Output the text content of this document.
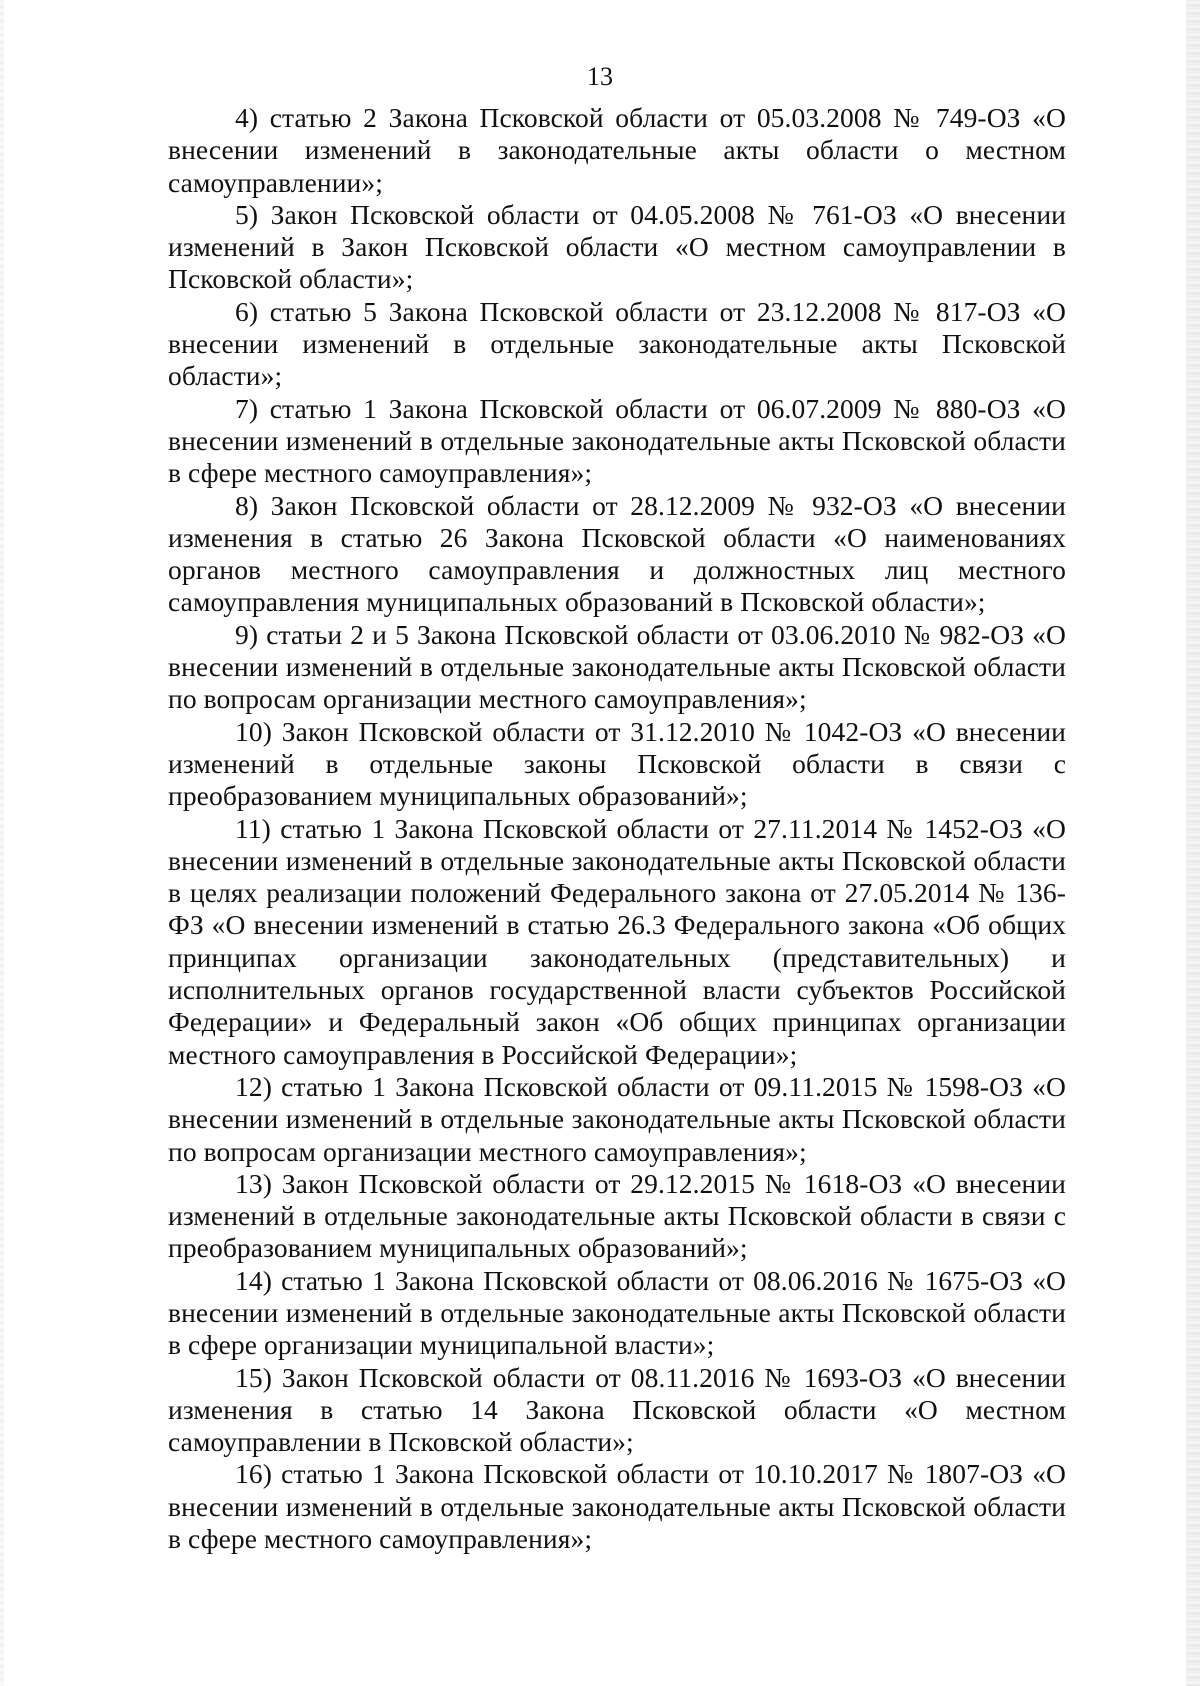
13

4) статью 2 Закона Псковской области от 05.03.2008 № 749-ОЗ «О внесении изменений в законодательные акты области о местном самоуправлении»;

5) Закон Псковской области от 04.05.2008 № 761-ОЗ «О внесении изменений в Закон Псковской области «О местном самоуправлении в Псковской области»;

6) статью 5 Закона Псковской области от 23.12.2008 № 817-ОЗ «О внесении изменений в отдельные законодательные акты Псковской области»;

7) статью 1 Закона Псковской области от 06.07.2009 № 880-ОЗ «О внесении изменений в отдельные законодательные акты Псковской области в сфере местного самоуправления»;

8) Закон Псковской области от 28.12.2009 № 932-ОЗ «О внесении изменения в статью 26 Закона Псковской области «О наименованиях органов местного самоуправления и должностных лиц местного самоуправления муниципальных образований в Псковской области»;

9) статьи 2 и 5 Закона Псковской области от 03.06.2010 № 982-ОЗ «О внесении изменений в отдельные законодательные акты Псковской области по вопросам организации местного самоуправления»;

10) Закон Псковской области от 31.12.2010 № 1042-ОЗ «О внесении изменений в отдельные законы Псковской области в связи с преобразованием муниципальных образований»;

11) статью 1 Закона Псковской области от 27.11.2014 № 1452-ОЗ «О внесении изменений в отдельные законодательные акты Псковской области в целях реализации положений Федерального закона от 27.05.2014 № 136-ФЗ «О внесении изменений в статью 26.3 Федерального закона «Об общих принципах организации законодательных (представительных) и исполнительных органов государственной власти субъектов Российской Федерации» и Федеральный закон «Об общих принципах организации местного самоуправления в Российской Федерации»;

12) статью 1 Закона Псковской области от 09.11.2015 № 1598-ОЗ «О внесении изменений в отдельные законодательные акты Псковской области по вопросам организации местного самоуправления»;

13) Закон Псковской области от 29.12.2015 № 1618-ОЗ «О внесении изменений в отдельные законодательные акты Псковской области в связи с преобразованием муниципальных образований»;

14) статью 1 Закона Псковской области от 08.06.2016 № 1675-ОЗ «О внесении изменений в отдельные законодательные акты Псковской области в сфере организации муниципальной власти»;

15) Закон Псковской области от 08.11.2016 № 1693-ОЗ «О внесении изменения в статью 14 Закона Псковской области «О местном самоуправлении в Псковской области»;

16) статью 1 Закона Псковской области от 10.10.2017 № 1807-ОЗ «О внесении изменений в отдельные законодательные акты Псковской области в сфере местного самоуправления»;
